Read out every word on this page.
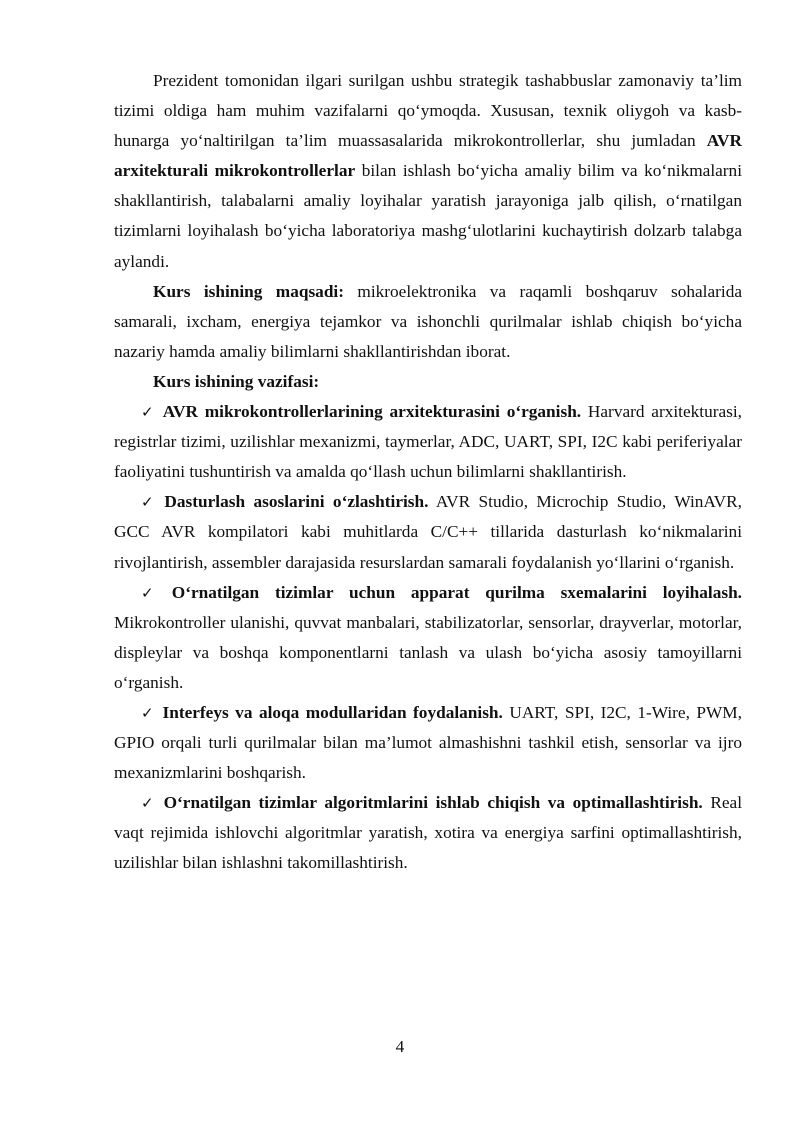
Prezident tomonidan ilgari surilgan ushbu strategik tashabbuslar zamonaviy ta’lim tizimi oldiga ham muhim vazifalarni qo‘ymoqda. Xususan, texnik oliygoh va kasb-hunarga yo‘naltirilgan ta’lim muassasalarida mikrokontrollerlar, shu jumladan AVR arxitekturali mikrokontrollerlar bilan ishlash bo‘yicha amaliy bilim va ko‘nikmalarni shakllantirish, talabalarni amaliy loyihalar yaratish jarayoniga jalb qilish, o‘rnatilgan tizimlarni loyihalash bo‘yicha laboratoriya mashg‘ulotlarini kuchaytirish dolzarb talabga aylandi.

Kurs ishining maqsadi: mikroelektronika va raqamli boshqaruv sohalarida samarali, ixcham, energiya tejamkor va ishonchli qurilmalar ishlab chiqish bo‘yicha nazariy hamda amaliy bilimlarni shakllantirishdan iborat.

Kurs ishining vazifasi:

✓ AVR mikrokontrollerlarining arxitekturasini o‘rganish. Harvard arxitekturasi, registrlar tizimi, uzilishlar mexanizmi, taymerlar, ADC, UART, SPI, I2C kabi periferiyalar faoliyatini tushuntirish va amalda qo‘llash uchun bilimlarni shakllantirish.

✓ Dasturlash asoslarini o‘zlashtirish. AVR Studio, Microchip Studio, WinAVR, GCC AVR kompilatori kabi muhitlarda C/C++ tillarida dasturlash ko‘nikmalarini rivojlantirish, assembler darajasida resurslardan samarali foydalanish yo‘llarini o‘rganish.

✓ O‘rnatilgan tizimlar uchun apparat qurilma sxemalarini loyihalash. Mikrokontroller ulanishi, quvvat manbalari, stabilizatorlar, sensorlar, drayverlar, motorlar, displeylar va boshqa komponentlarni tanlash va ulash bo‘yicha asosiy tamoyillarni o‘rganish.

✓ Interfeys va aloqa modullaridan foydalanish. UART, SPI, I2C, 1-Wire, PWM, GPIO orqali turli qurilmalar bilan ma’lumot almashishni tashkil etish, sensorlar va ijro mexanizmlarini boshqarish.

✓ O‘rnatilgan tizimlar algoritmlarini ishlab chiqish va optimallashtirish. Real vaqt rejimida ishlovchi algoritmlar yaratish, xotira va energiya sarfini optimallashtirish, uzilishlar bilan ishlashni takomillashtirish.

4
